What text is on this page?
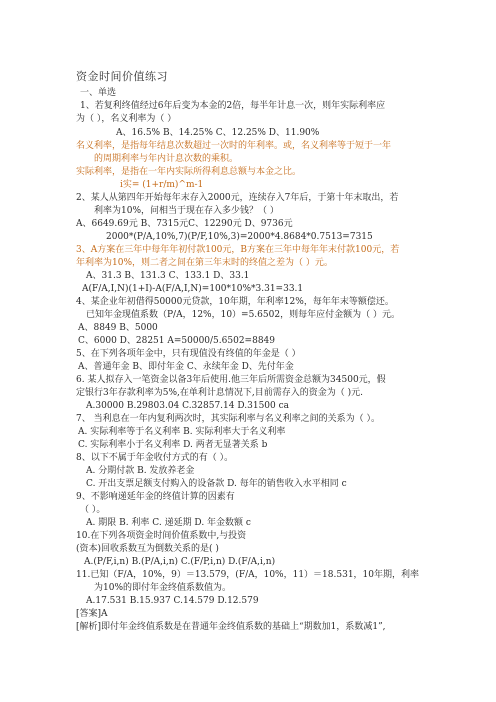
资金时间价值练习
一、单选
1、若复利终值经过6年后变为本金的2倍，每半年计息一次，则年实际利率应
为（ ），名义利率为（ ）
A、16.5% B、14.25% C、12.25% D、11.90%
名义利率，是指每年结息次数超过一次时的年利率。或，名义利率等于短于一年
的周期利率与年内计息次数的乘积。
实际利率，是指在一年内实际所得利息总额与本金之比。
i实= (1+r/m)^m-1
2、某人从第四年开始每年末存入2000元，连续存入7年后，于第十年末取出，若
利率为10%，问相当于现在存入多少钱？（ ）
A、6649.69元 B、7315元C、12290元 D、9736元
2000*(P/A,10%,7)(P/F,10%,3)=2000*4.8684*0.7513=7315
3、A方案在三年中每年年初付款100元，B方案在三年中每年年末付款100元，若
年利率为10%，则二者之间在第三年末时的终值之差为（ ）元。
A、31.3 B、131.3 C、133.1 D、33.1
A(F/A,I,N)(1+I)-A(F/A,I,N)=100*10%*3.31=33.1
4、某企业年初借得50000元贷款，10年期，年利率12%，每年年末等额偿还。
已知年金现值系数（P/A，12%，10）=5.6502，则每年应付金额为（ ）元。
A、8849 B、5000
C、6000 D、28251 A=50000/5.6502=8849
5、在下列各项年金中，只有现值没有终值的年金是（ ）
A、普通年金 B、即付年金 C、永续年金 D、先付年金
6. 某人拟存入一笔资金以备3年后使用.他三年后所需资金总额为34500元，假
定银行3年存款利率为5%,在单利计息情况下,目前需存入的资金为（ )元.
A.30000 B.29803.04 C.32857.14 D.31500 ca
7、 当利息在一年内复利两次时，其实际利率与名义利率之间的关系为（ ）。
A. 实际利率等于名义利率 B. 实际利率大于名义利率
C. 实际利率小于名义利率 D. 两者无显著关系 b
8、以下不属于年金收付方式的有（ ）。
A. 分期付款 B. 发放养老金
C. 开出支票足额支付购入的设备款 D. 每年的销售收入水平相同 c
9、不影响递延年金的终值计算的因素有
（ ）。
A. 期限 B. 利率 C. 递延期 D. 年金数额 c
10.在下列各项资金时间价值系数中,与投资
(资本)回收系数互为倒数关系的是( )
A.(P/F,i,n) B.(P/A,i,n) C.(F/P,i,n) D.(F/A,i,n)
11.已知（F/A，10%，9）＝13.579，(F/A，10%，11）＝18.531，10年期，利率
为10%的即付年金终值系数值为。
A.17.531 B.15.937 C.14.579 D.12.579
[答案]A
[解析]即付年金终值系数是在普通年金终值系数的基础上“期数加1，系数减1”,
